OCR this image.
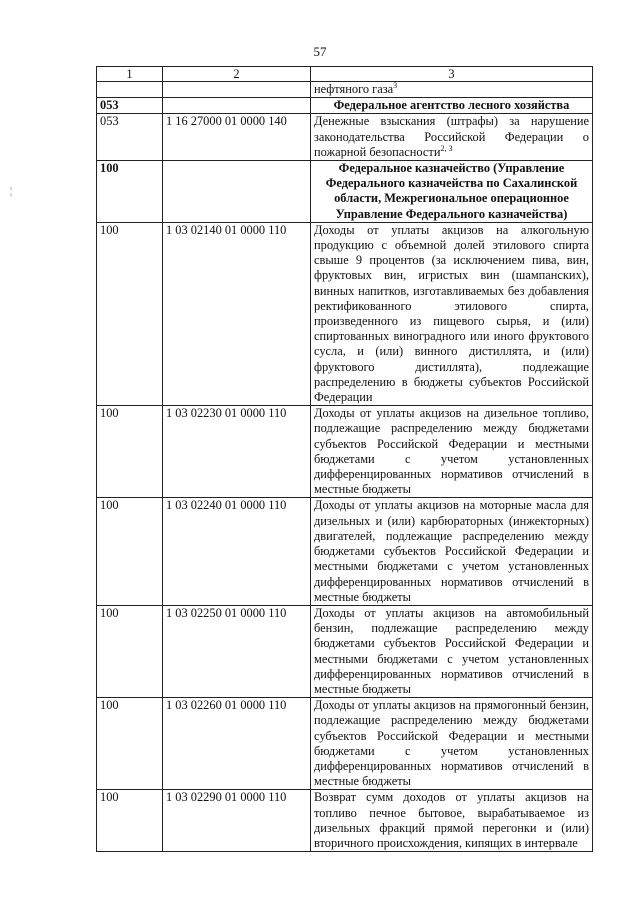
57
¦
1	2	3
		нефтяного газа$^3$
053		Федеральное агентство лесного хозяйства
053	1 16 27000 01 0000 140	Денежные взыскания (штрафы) за нарушение законодательства Российской Федерации о пожарной безопасности$^{2, 3}$
100		Федеральное казначейство (Управление Федерального казначейства по Сахалинской области, Межрегиональное операционное Управление Федерального казначейства)
100	1 03 02140 01 0000 110	Доходы от уплаты акцизов на алкогольную продукцию с объемной долей этилового спирта свыше 9 процентов (за исключением пива, вин, фруктовых вин, игристых вин (шампанских), винных напитков, изготавливаемых без добавления ректификованного этилового спирта, произведенного из пищевого сырья, и (или) спиртованных виноградного или иного фруктового сусла, и (или) винного дистиллята, и (или) фруктового дистиллята), подлежащие распределению в бюджеты субъектов Российской Федерации
100	1 03 02230 01 0000 110	Доходы от уплаты акцизов на дизельное топливо, подлежащие распределению между бюджетами субъектов Российской Федерации и местными бюджетами с учетом установленных дифференцированных нормативов отчислений в местные бюджеты
100	1 03 02240 01 0000 110	Доходы от уплаты акцизов на моторные масла для дизельных и (или) карбюраторных (инжекторных) двигателей, подлежащие распределению между бюджетами субъектов Российской Федерации и местными бюджетами с учетом установленных дифференцированных нормативов отчислений в местные бюджеты
100	1 03 02250 01 0000 110	Доходы от уплаты акцизов на автомобильный бензин, подлежащие распределению между бюджетами субъектов Российской Федерации и местными бюджетами с учетом установленных дифференцированных нормативов отчислений в местные бюджеты
100	1 03 02260 01 0000 110	Доходы от уплаты акцизов на прямогонный бензин, подлежащие распределению между бюджетами субъектов Российской Федерации и местными бюджетами с учетом установленных дифференцированных нормативов отчислений в местные бюджеты
100	1 03 02290 01 0000 110	Возврат сумм доходов от уплаты акцизов на топливо печное бытовое, вырабатываемое из дизельных фракций прямой перегонки и (или) вторичного происхождения, кипящих в интервале
